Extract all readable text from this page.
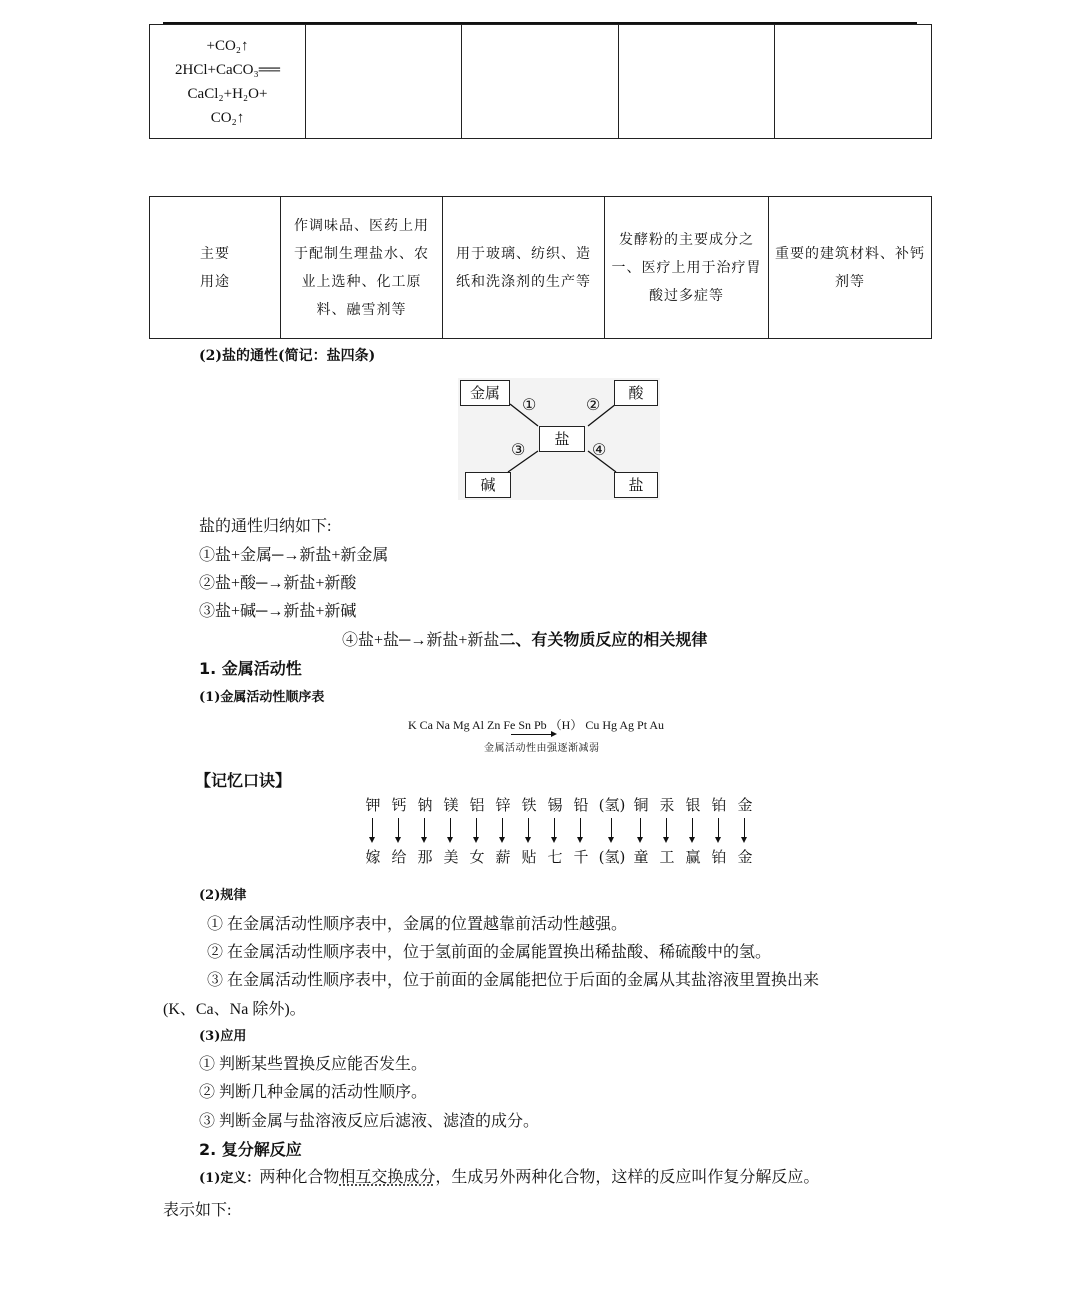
+CO₂↑
2HCl+CaCO₃══
CaCl₂+H₂O+
CO₂↑

主要
用途	作调味品、医药上用于配制生理盐水、农业上选种、化工原料、融雪剂等	用于玻璃、纺织、造纸和洗涤剂的生产等	发酵粉的主要成分之一、医疗上用于治疗胃酸过多症等	重要的建筑材料、补钙剂等
(2)盐的通性(简记：盐四条)
金属	酸
盐
碱	盐
①	②
③	④
盐的通性归纳如下:
①盐+金属─→新盐+新金属
②盐+酸─→新盐+新酸
③盐+碱─→新盐+新碱
④盐+盐─→新盐+新盐二、有关物质反应的相关规律
1. 金属活动性
(1)金属活动性顺序表
K Ca Na Mg Al Zn Fe Sn Pb （H） Cu Hg Ag Pt Au
金属活动性由强逐渐减弱
【记忆口诀】
钾 钙 钠 镁 铝 锌 铁 锡 铅 (氢) 铜 汞 银 铂 金
嫁 给 那 美 女 薪 贴 七 千 (氢) 童 工 赢 铂 金
(2)规律
① 在金属活动性顺序表中，金属的位置越靠前活动性越强。
② 在金属活动性顺序表中，位于氢前面的金属能置换出稀盐酸、稀硫酸中的氢。
③ 在金属活动性顺序表中，位于前面的金属能把位于后面的金属从其盐溶液里置换出来
(K、Ca、Na 除外)。
(3)应用
① 判断某些置换反应能否发生。
② 判断几种金属的活动性顺序。
③ 判断金属与盐溶液反应后滤液、滤渣的成分。
2. 复分解反应
(1)定义：两种化合物相互交换成分，生成另外两种化合物，这样的反应叫作复分解反应。
表示如下:
